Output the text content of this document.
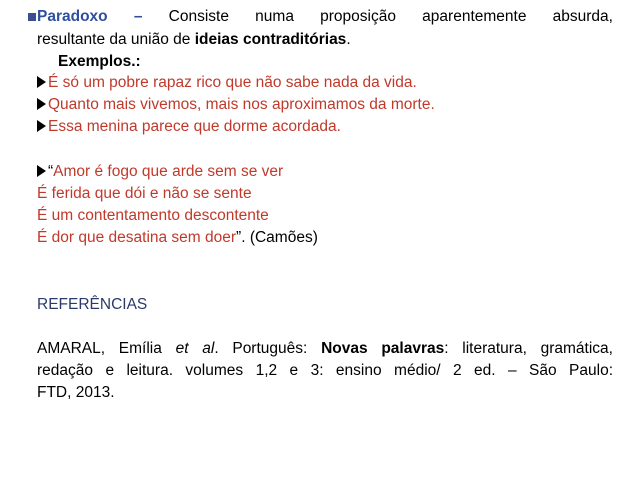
Paradoxo – Consiste numa proposição aparentemente absurda,
resultante da união de ideias contraditórias.
Exemplos.:
É só um pobre rapaz rico que não sabe nada da vida.
Quanto mais vivemos, mais nos aproximamos da morte.
Essa menina parece que dorme acordada.
“Amor é fogo que arde sem se ver
É ferida que dói e não se sente
É um contentamento descontente
É dor que desatina sem doer”. (Camões)
REFERÊNCIAS
AMARAL, Emília et al. Português: Novas palavras: literatura, gramática,
redação e leitura. volumes 1,2 e 3: ensino médio/ 2 ed. – São Paulo:
FTD, 2013.
